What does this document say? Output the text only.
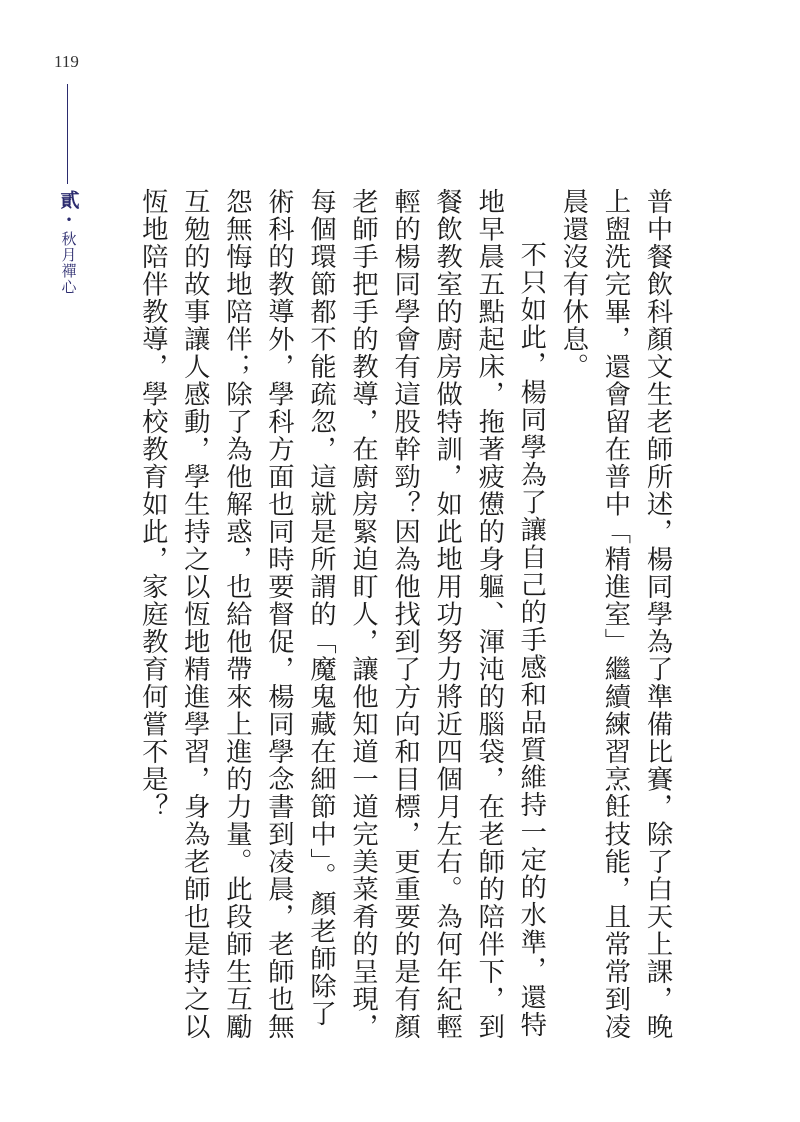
119
貳
•
秋月禪心	普中餐飲科顏文生老師所述，楊同學為了準備比賽，除了白天上課，晚上盥洗完畢，還會留在普中「精進室」繼續練習烹飪技能，且常常到凌晨還沒有休息。

不只如此，楊同學為了讓自己的手感和品質維持一定的水準，還特地早晨五點起床，拖著疲憊的身軀、渾沌的腦袋，在老師的陪伴下，到餐飲教室的廚房做特訓，如此地用功努力將近四個月左右。為何年紀輕輕的楊同學會有這股幹勁？因為他找到了方向和目標，更重要的是有顏老師手把手的教導，在廚房緊迫盯人，讓他知道一道完美菜肴的呈現，每個環節都不能疏忽，這就是所謂的「魔鬼藏在細節中」。顏老師除了術科的教導外，學科方面也同時要督促，楊同學念書到凌晨，老師也無怨無悔地陪伴；除了為他解惑，也給他帶來上進的力量。此段師生互勵互勉的故事讓人感動，學生持之以恆地精進學習，身為老師也是持之以恆地陪伴教導，學校教育如此，家庭教育何嘗不是？
